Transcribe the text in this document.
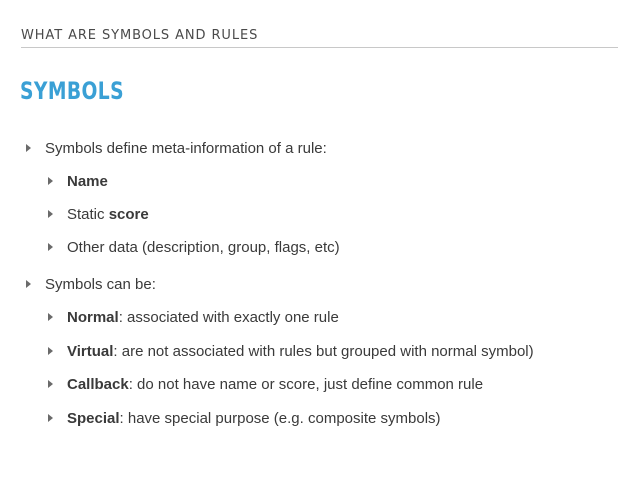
WHAT ARE SYMBOLS AND RULES
SYMBOLS
Symbols define meta-information of a rule:
Name
Static score
Other data (description, group, flags, etc)
Symbols can be:
Normal: associated with exactly one rule
Virtual: are not associated with rules but grouped with normal symbol)
Callback: do not have name or score, just define common rule
Special: have special purpose (e.g. composite symbols)
